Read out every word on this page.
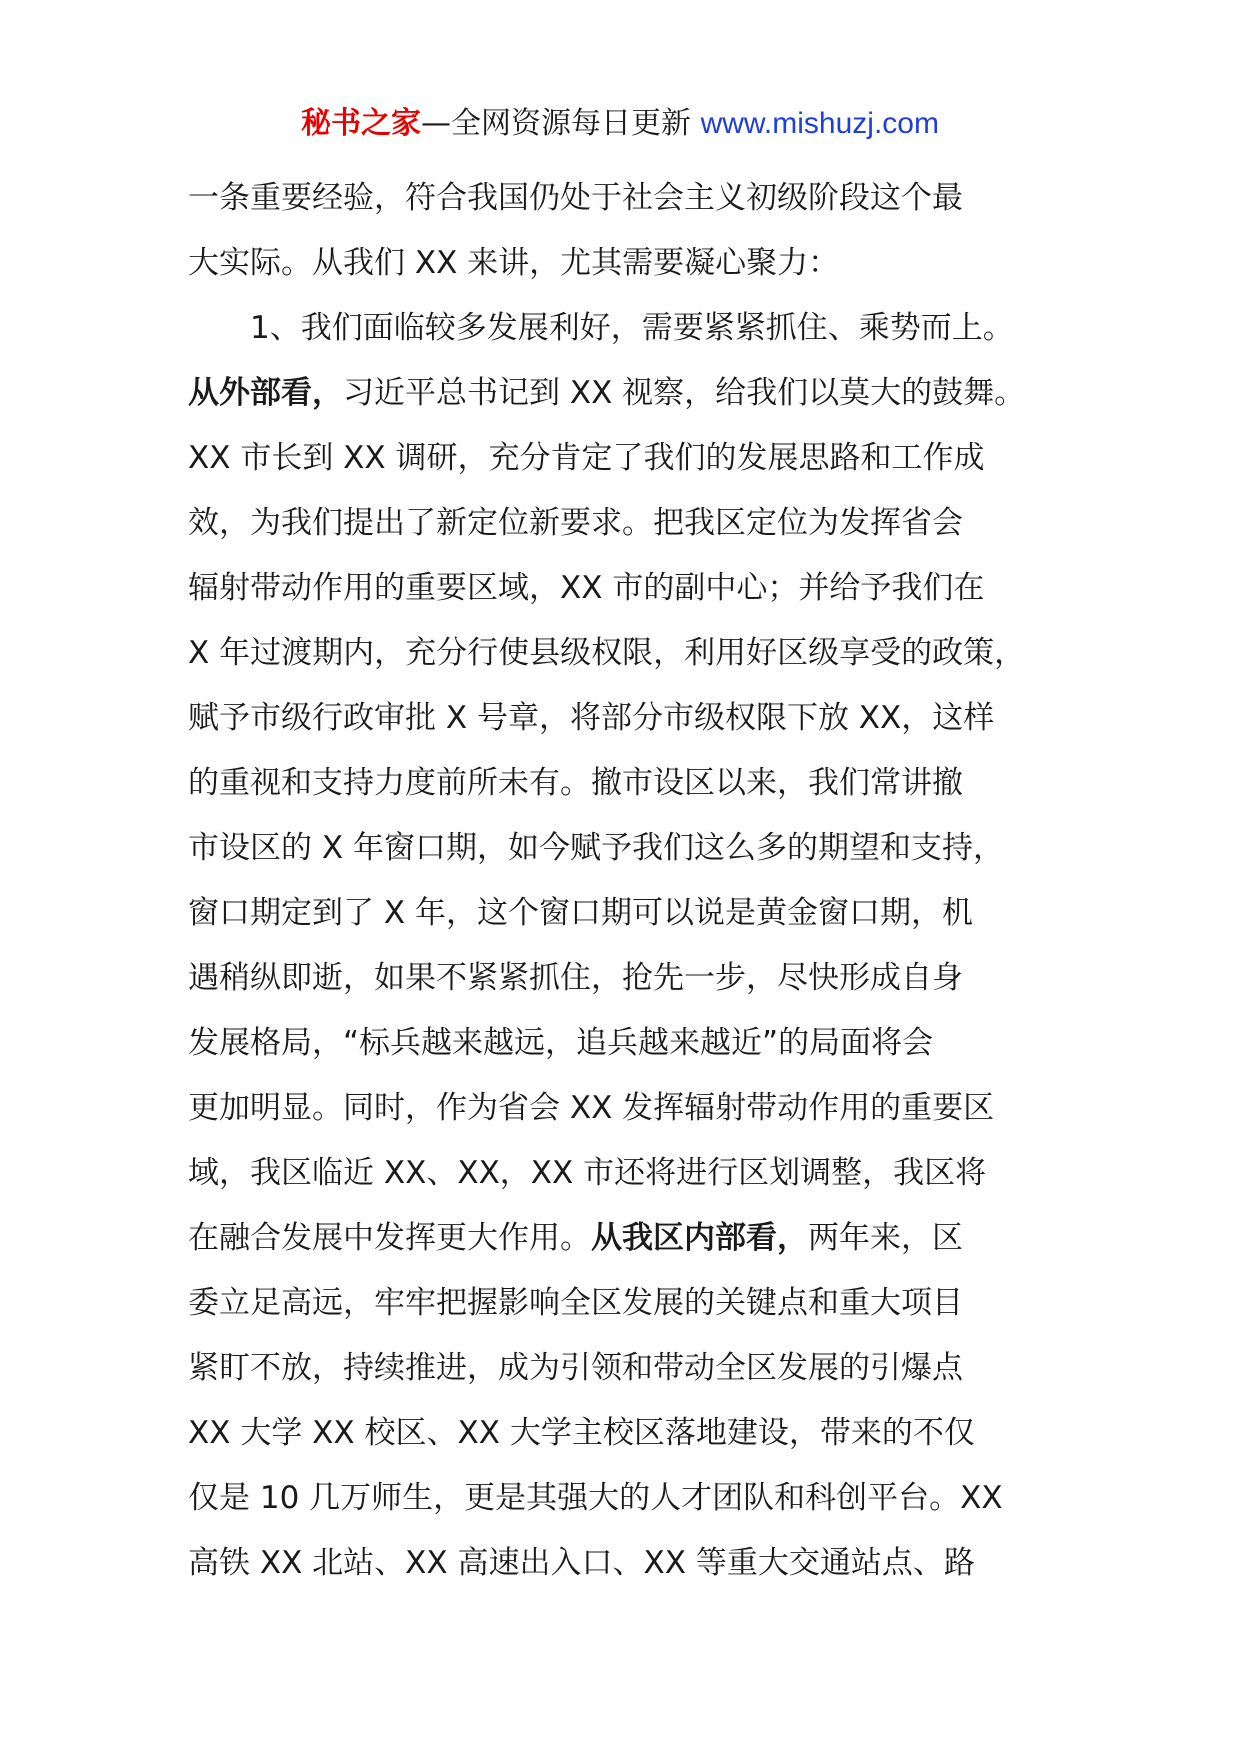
秘书之家—全网资源每日更新 www.mishuzj.com
一条重要经验，符合我国仍处于社会主义初级阶段这个最
大实际。从我们 XX 来讲，尤其需要凝心聚力：
1、我们面临较多发展利好，需要紧紧抓住、乘势而上。
从外部看，习近平总书记到 XX 视察，给我们以莫大的鼓舞。
XX 市长到 XX 调研，充分肯定了我们的发展思路和工作成
效，为我们提出了新定位新要求。把我区定位为发挥省会
辐射带动作用的重要区域，XX 市的副中心；并给予我们在
X 年过渡期内，充分行使县级权限，利用好区级享受的政策，
赋予市级行政审批 X 号章，将部分市级权限下放 XX，这样
的重视和支持力度前所未有。撤市设区以来，我们常讲撤
市设区的 X 年窗口期，如今赋予我们这么多的期望和支持，
窗口期定到了 X 年，这个窗口期可以说是黄金窗口期，机
遇稍纵即逝，如果不紧紧抓住，抢先一步，尽快形成自身
发展格局，“标兵越来越远，追兵越来越近”的局面将会
更加明显。同时，作为省会 XX 发挥辐射带动作用的重要区
域，我区临近 XX、XX，XX 市还将进行区划调整，我区将
在融合发展中发挥更大作用。从我区内部看，两年来，区
委立足高远，牢牢把握影响全区发展的关键点和重大项目
紧盯不放，持续推进，成为引领和带动全区发展的引爆点
XX 大学 XX 校区、XX 大学主校区落地建设，带来的不仅
仅是 10 几万师生，更是其强大的人才团队和科创平台。XX
高铁 XX 北站、XX 高速出入口、XX 等重大交通站点、路
